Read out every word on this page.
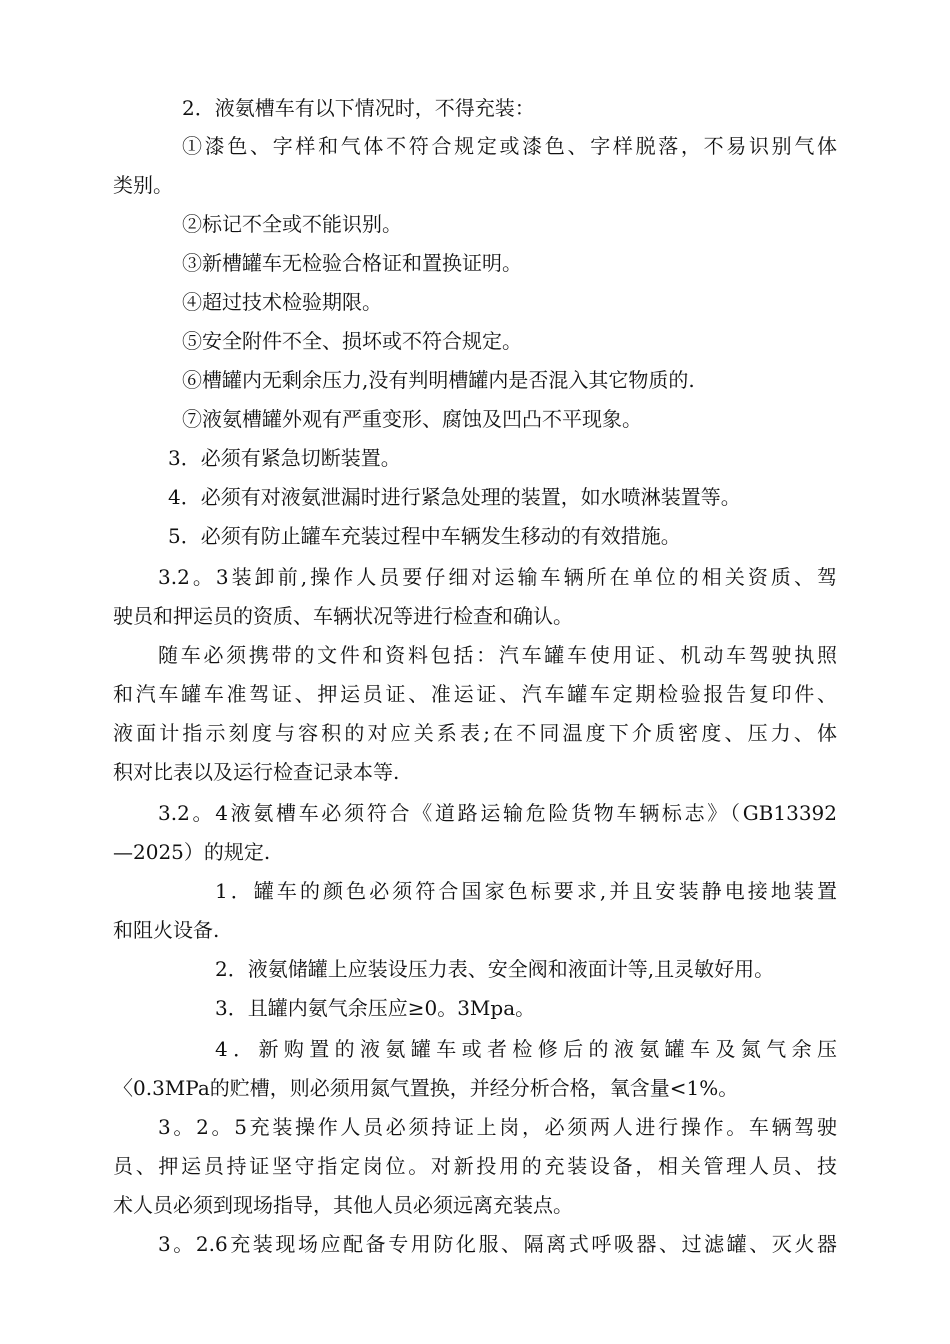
2．液氨槽车有以下情况时，不得充装：
①漆色、字样和气体不符合规定或漆色、字样脱落，不易识别气体
类别。
②标记不全或不能识别。
③新槽罐车无检验合格证和置换证明。
④超过技术检验期限。
⑤安全附件不全、损坏或不符合规定。
⑥槽罐内无剩余压力,没有判明槽罐内是否混入其它物质的.
⑦液氨槽罐外观有严重变形、腐蚀及凹凸不平现象。
3．必须有紧急切断装置。
4．必须有对液氨泄漏时进行紧急处理的装置，如水喷淋装置等。
5．必须有防止罐车充装过程中车辆发生移动的有效措施。
3.2。3装卸前,操作人员要仔细对运输车辆所在单位的相关资质、驾
驶员和押运员的资质、车辆状况等进行检查和确认。
随车必须携带的文件和资料包括：汽车罐车使用证、机动车驾驶执照
和汽车罐车准驾证、押运员证、准运证、汽车罐车定期检验报告复印件、
液面计指示刻度与容积的对应关系表;在不同温度下介质密度、压力、体
积对比表以及运行检查记录本等.
3.2。4液氨槽车必须符合《道路运输危险货物车辆标志》（GB13392
—2025）的规定.
1．罐车的颜色必须符合国家色标要求,并且安装静电接地装置
和阻火设备.
2．液氨储罐上应装设压力表、安全阀和液面计等,且灵敏好用。
3．且罐内氨气余压应≥0。3Mpa。
4．新购置的液氨罐车或者检修后的液氨罐车及氮气余压
〈0.3MPa的贮槽，则必须用氮气置换，并经分析合格，氧含量<1%。
3。2。5充装操作人员必须持证上岗，必须两人进行操作。车辆驾驶
员、押运员持证坚守指定岗位。对新投用的充装设备，相关管理人员、技
术人员必须到现场指导，其他人员必须远离充装点。
3。2.6充装现场应配备专用防化服、隔离式呼吸器、过滤罐、灭火器
